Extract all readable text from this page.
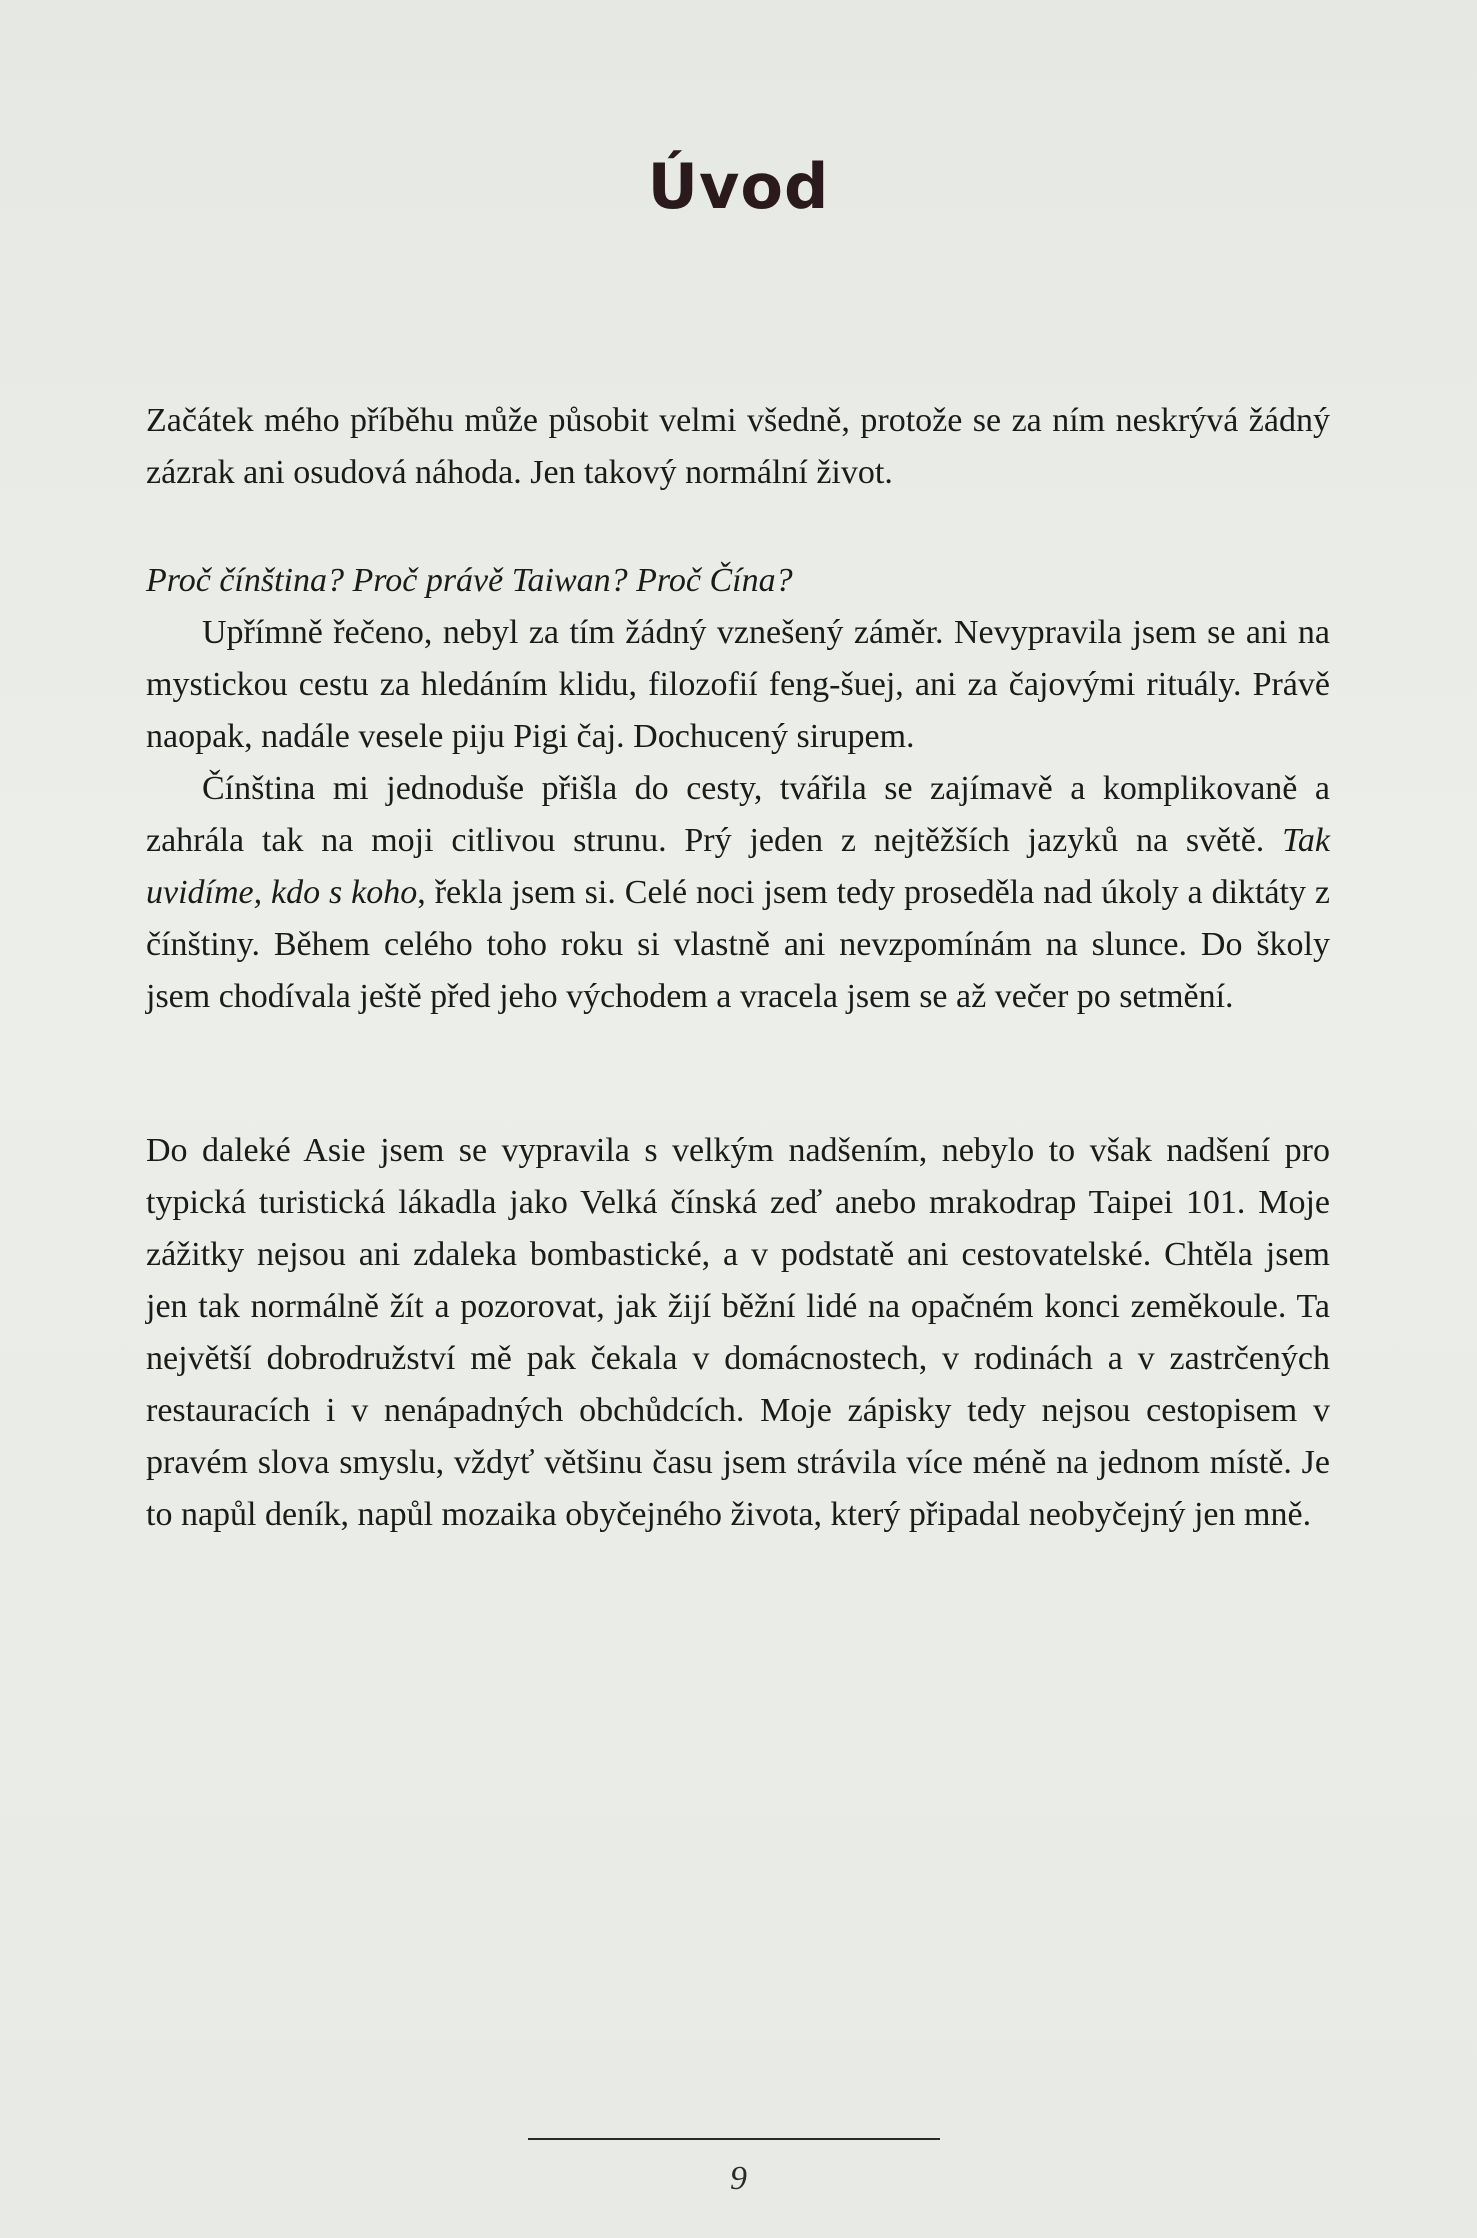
Úvod

Začátek mého příběhu může působit velmi všedně, protože se za ním neskrývá žádný zázrak ani osudová náhoda. Jen takový normální život.

Proč čínština? Proč právě Taiwan? Proč Čína?
Upřímně řečeno, nebyl za tím žádný vznešený záměr. Nevypravila jsem se ani na mystickou cestu za hledáním klidu, filozofií feng-šuej, ani za čajovými rituály. Právě naopak, nadále vesele piju Pigi čaj. Dochucený sirupem.
Čínština mi jednoduše přišla do cesty, tvářila se zajímavě a komplikovaně a zahrála tak na moji citlivou strunu. Prý jeden z nejtěžších jazyků na světě. Tak uvidíme, kdo s koho, řekla jsem si. Celé noci jsem tedy proseděla nad úkoly a diktáty z čínštiny. Během celého toho roku si vlastně ani nevzpomínám na slunce. Do školy jsem chodívala ještě před jeho východem a vracela jsem se až večer po setmění.

Do daleké Asie jsem se vypravila s velkým nadšením, nebylo to však nadšení pro typická turistická lákadla jako Velká čínská zeď anebo mrakodrap Taipei 101. Moje zážitky nejsou ani zdaleka bombastické, a v podstatě ani cestovatelské. Chtěla jsem jen tak normálně žít a pozorovat, jak žijí běžní lidé na opačném konci zeměkoule. Ta největší dobrodružství mě pak čekala v domácnostech, v rodinách a v zastrčených restauracích i v nenápadných obchůdcích. Moje zápisky tedy nejsou cestopisem v pravém slova smyslu, vždyť většinu času jsem strávila více méně na jednom místě. Je to napůl deník, napůl mozaika obyčejného života, který připadal neobyčejný jen mně.

9
